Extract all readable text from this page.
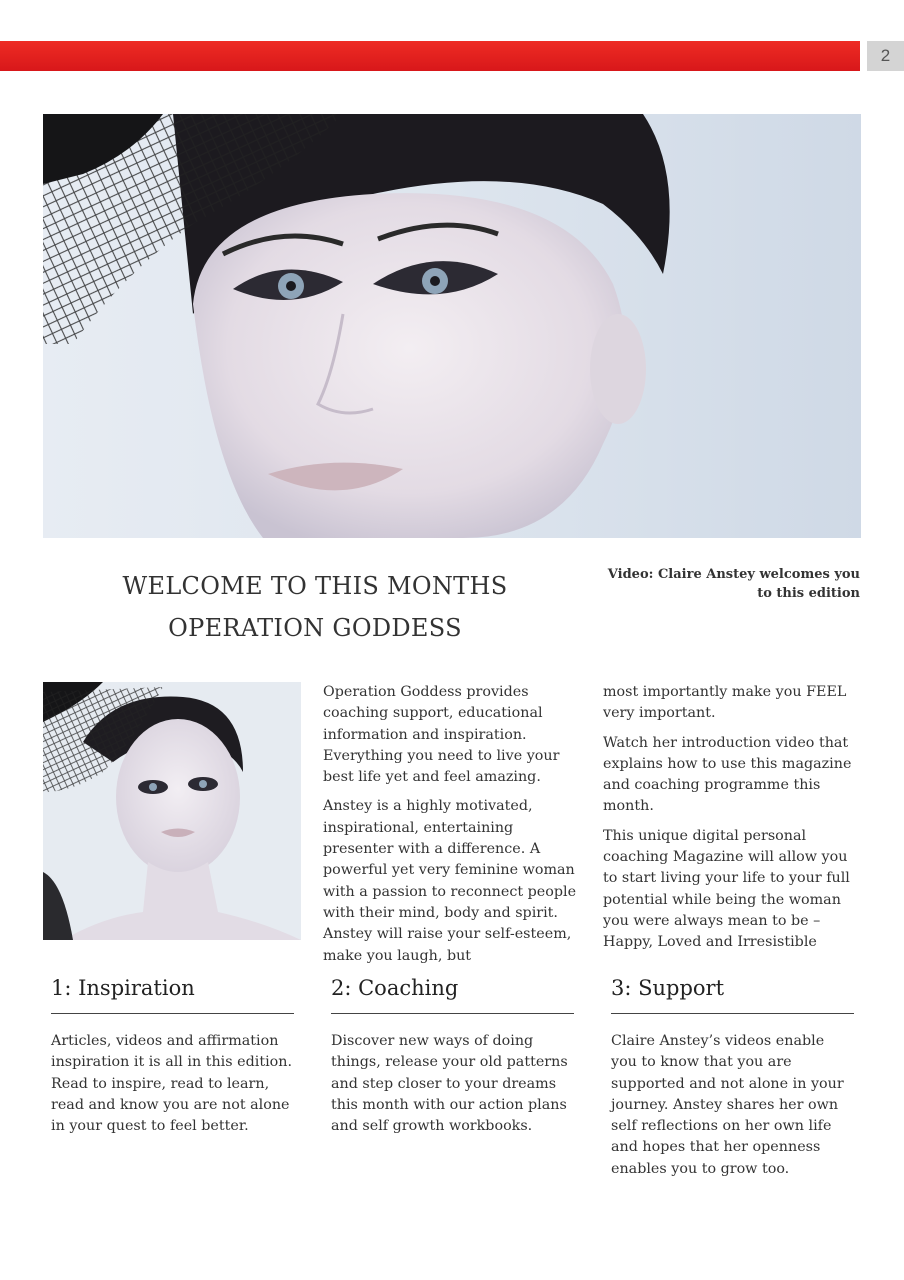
2
WELCOME TO THIS MONTHS
OPERATION GODDESS
Video: Claire Anstey welcomes you to this edition

Operation Goddess provides coaching support, educational information and inspiration. Everything you need to live your best life yet and feel amazing.

Anstey is a highly motivated, inspirational, entertaining presenter with a difference. A powerful yet very feminine woman with a passion to reconnect people with their mind, body and spirit. Anstey will raise your self-esteem, make you laugh, but

most importantly make you FEEL very important.

Watch her introduction video that explains how to use this magazine and coaching programme this month.

This unique digital personal coaching Magazine will allow you to start living your life to your full potential while being the woman you were always mean to be – Happy, Loved and Irresistible

1: Inspiration

Articles, videos and affirmation inspiration it is all in this edition. Read to inspire, read to learn, read and know you are not alone in your quest to feel better.

2: Coaching

Discover new ways of doing things, release your old patterns and step closer to your dreams this month with our action plans and self growth workbooks.

3: Support

Claire Anstey’s videos enable you to know that you are supported and not alone in your journey. Anstey shares her own self reflections on her own life and hopes that her openness enables you to grow too.
